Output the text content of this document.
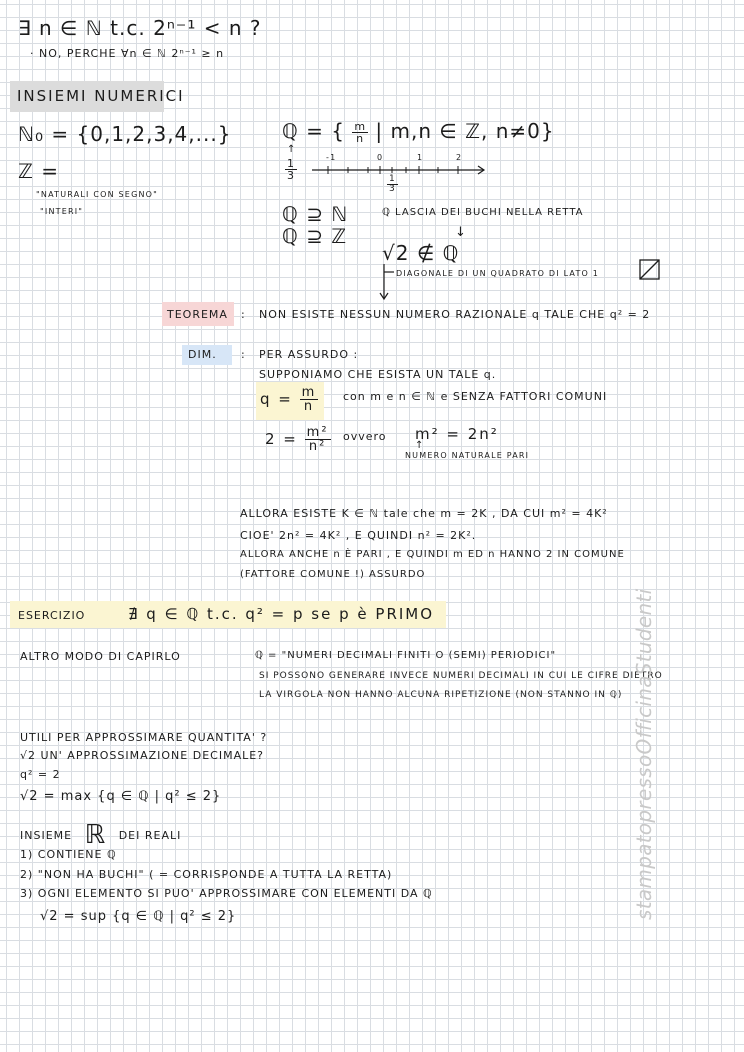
∃ n ∈ ℕ t.c. 2ⁿ⁻¹ < n ?
· NO, PERCHE ∀n ∈ ℕ 2ⁿ⁻¹ ≥ n
INSIEMI NUMERICI
ℕ₀ = {0,1,2,3,4,...}
ℤ =
"NATURALI CON SEGNO"
"INTERI"
ℚ = { $\frac{m}{n}$ | m,n ∈ ℤ, n≠0}
↑
$\frac{1}{3}$
-1	0	1	2
$\frac{1}{3}$
ℚ ⊇ ℕ
ℚ ⊇ ℤ
ℚ LASCIA DEI BUCHI NELLA RETTA
↓
√2 ∉ ℚ
DIAGONALE DI UN QUADRATO DI LATO 1
TEOREMA : NON ESISTE NESSUN NUMERO RAZIONALE q TALE CHE q² = 2
DIM. : PER ASSURDO :
SUPPONIAMO CHE ESISTA UN TALE q.
$q = \frac{m}{n}$ con m e n ∈ ℕ e SENZA FATTORI COMUNI
$2 = \frac{\text{m²}}{\text{n²}}$ ovvero m² = 2n²
↑
NUMERO NATURALE PARI
ALLORA ESISTE K ∈ ℕ tale che m = 2K , DA CUI m² = 4K²
CIOE' 2n² = 4K² , E QUINDI n² = 2K².
ALLORA ANCHE n È PARI , E QUINDI m ED n HANNO 2 IN COMUNE
(FATTORE COMUNE !) ASSURDO
ESERCIZIO	∄ q ∈ ℚ t.c. q² = p se p è PRIMO
ALTRO MODO DI CAPIRLO	ℚ = "NUMERI DECIMALI FINITI O (SEMI) PERIODICI"
SI POSSONO GENERARE INVECE NUMERI DECIMALI IN CUI LE CIFRE DIETRO
LA VIRGOLA NON HANNO ALCUNA RIPETIZIONE (NON STANNO IN ℚ)
UTILI PER APPROSSIMARE QUANTITA' ?
√2 UN' APPROSSIMAZIONE DECIMALE?
q² = 2
√2 = max {q ∈ ℚ | q² ≤ 2}
INSIEME ℝ DEI REALI
1) CONTIENE ℚ
2) "NON HA BUCHI" ( = CORRISPONDE A TUTTA LA RETTA)
3) OGNI ELEMENTO SI PUO' APPROSSIMARE CON ELEMENTI DA ℚ
√2 = sup {q ∈ ℚ | q² ≤ 2}	stampatopressoOfficinaStudenti
